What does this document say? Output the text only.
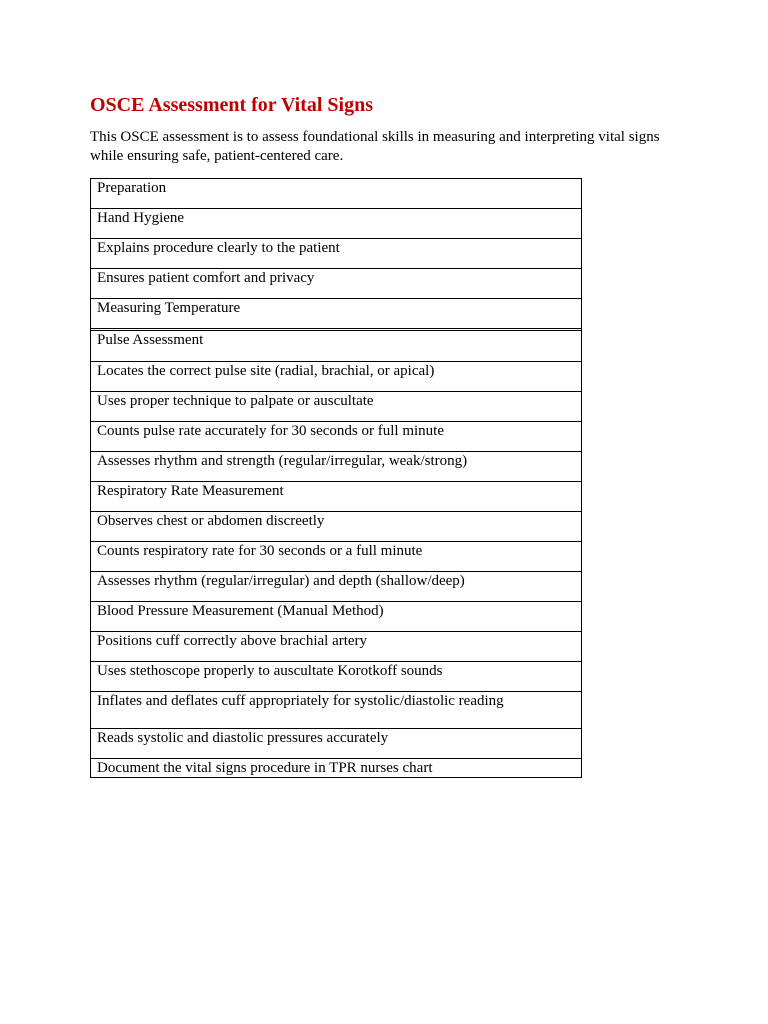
OSCE Assessment for Vital Signs

This OSCE assessment is to assess foundational skills in measuring and interpreting vital signs while ensuring safe, patient-centered care.

Preparation
Hand Hygiene
Explains procedure clearly to the patient
Ensures patient comfort and privacy
Measuring Temperature
Pulse Assessment
Locates the correct pulse site (radial, brachial, or apical)
Uses proper technique to palpate or auscultate
Counts pulse rate accurately for 30 seconds or full minute
Assesses rhythm and strength (regular/irregular, weak/strong)
Respiratory Rate Measurement
Observes chest or abdomen discreetly
Counts respiratory rate for 30 seconds or a full minute
Assesses rhythm (regular/irregular) and depth (shallow/deep)
Blood Pressure Measurement (Manual Method)
Positions cuff correctly above brachial artery
Uses stethoscope properly to auscultate Korotkoff sounds
Inflates and deflates cuff appropriately for systolic/diastolic reading
Reads systolic and diastolic pressures accurately
Document the vital signs procedure in TPR nurses chart
